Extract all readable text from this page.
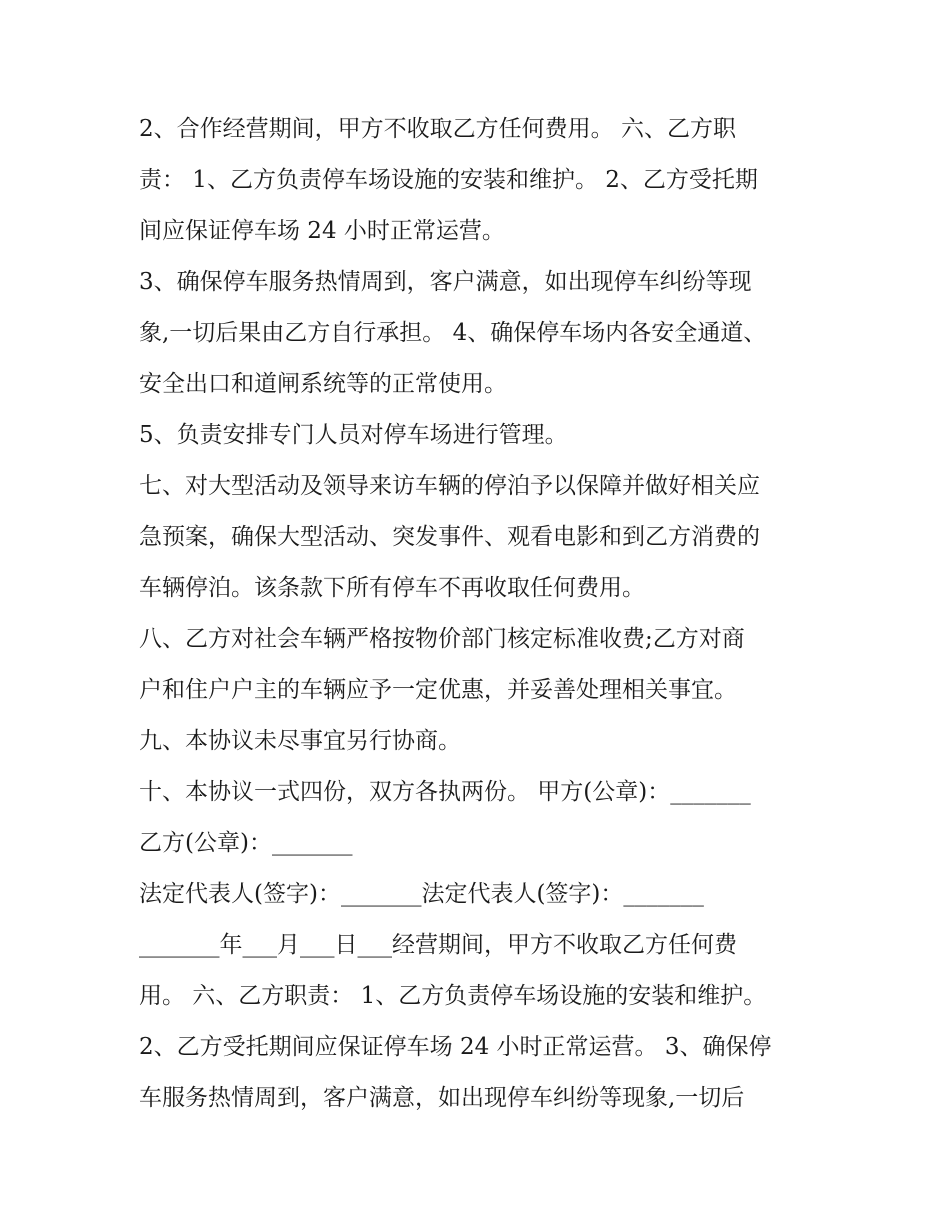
2、合作经营期间，甲方不收取乙方任何费用。 六、乙方职
责： 1、乙方负责停车场设施的安装和维护。 2、乙方受托期
间应保证停车场 24 小时正常运营。
3、确保停车服务热情周到，客户满意，如出现停车纠纷等现
象,一切后果由乙方自行承担。 4、确保停车场内各安全通道、
安全出口和道闸系统等的正常使用。
5、负责安排专门人员对停车场进行管理。
七、对大型活动及领导来访车辆的停泊予以保障并做好相关应
急预案，确保大型活动、突发事件、观看电影和到乙方消费的
车辆停泊。该条款下所有停车不再收取任何费用。
八、乙方对社会车辆严格按物价部门核定标准收费;乙方对商
户和住户户主的车辆应予一定优惠，并妥善处理相关事宜。
九、本协议未尽事宜另行协商。
十、本协议一式四份，双方各执两份。 甲方(公章)：_______
乙方(公章)：_______
法定代表人(签字)：_______法定代表人(签字)：_______
_______年___月___日___经营期间，甲方不收取乙方任何费
用。 六、乙方职责： 1、乙方负责停车场设施的安装和维护。
2、乙方受托期间应保证停车场 24 小时正常运营。 3、确保停
车服务热情周到，客户满意，如出现停车纠纷等现象,一切后
